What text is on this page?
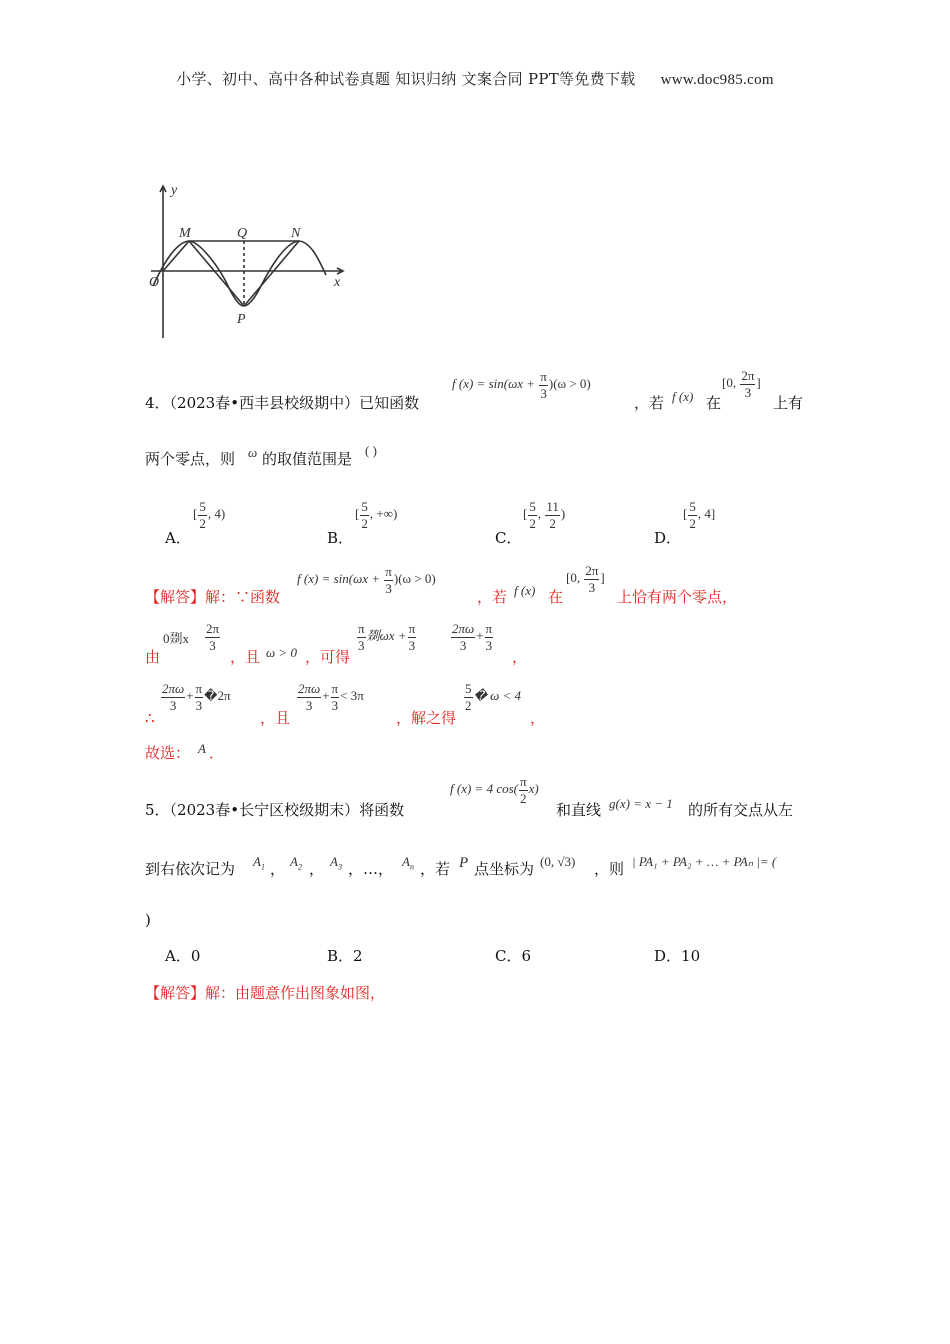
小学、初中、高中各种试卷真题 知识归纳 文案合同 PPT等免费下载 www.doc985.com
y
x
O
M	Q	N
P
4．（2023春•西丰县校级期中）已知函数
f $(x) = \sin(\omega x + \frac{\pi}{3} )(\omega > 0)$
，若 f (x) 在
[0, $\frac{2\pi}{3}$ ]
上有
两个零点，则 ω 的取值范围是 ( )
A．
[ $\frac{5}{2}$ , 4)
B．
[ $\frac{5}{2}$ , +∞)
C．
[ $\frac{5}{2}$ , $\frac{11}{2}$ )
D．
[ $\frac{5}{2}$ , 4]
【解答】解：∵函数
f $(x) = \sin(\omega x + \frac{\pi}{3} )(\omega > 0)$
，若 f (x) 在
[0, $\frac{2\pi}{3}$ ]
上恰有两个零点，
由
0剟x $\frac{2\pi}{3}$
，且 ω > 0 ，可得
$\frac{\pi}{3}$ 剟$\omega x + \frac{\pi}{3}$	$\frac{2\pi\omega}{3} + \frac{\pi}{3}$
，
∴
$\frac{2\pi\omega}{3} + \frac{\pi}{3}$ �2π
，且
$\frac{2\pi\omega}{3} + \frac{\pi}{3} < 3\pi$
，解之得
$\frac{5}{2}$ � ω < 4
，
故选： A ．
5．（2023春•长宁区校级期末）将函数
f (x) = 4 $\cos( \frac{\pi}{2} x)$
和直线 g(x) = x − 1 的所有交点从左
到右依次记为 $A_1$ ， $A_2$ ， $A_3$ ，…， $A_n$ ，若 P 点坐标为 (0, √3) ，则 | PA₁ + PA₂ + … + PAₙ |= (
)
A．0	B．2	C．6	D．10
【解答】解：由题意作出图象如图，
